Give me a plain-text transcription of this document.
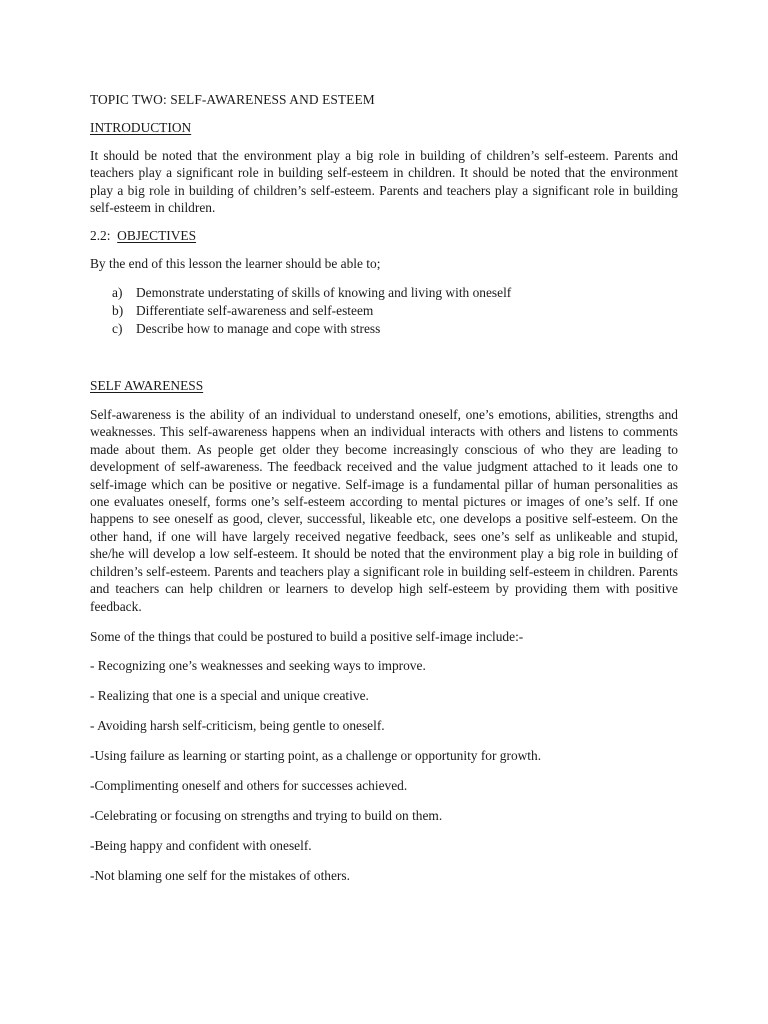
TOPIC TWO: SELF-AWARENESS AND ESTEEM

INTRODUCTION

It should be noted that the environment play a big role in building of children’s self-esteem. Parents and teachers play a significant role in building self-esteem in children. It should be noted that the environment play a big role in building of children’s self-esteem. Parents and teachers play a significant role in building self-esteem in children.

2.2: OBJECTIVES

By the end of this lesson the learner should be able to;

a)	Demonstrate understating of skills of knowing and living with oneself
b) Differentiate self-awareness and self-esteem
c)	Describe how to manage and cope with stress

SELF AWARENESS

Self-awareness is the ability of an individual to understand oneself, one’s emotions, abilities, strengths and weaknesses. This self-awareness happens when an individual interacts with others and listens to comments made about them. As people get older they become increasingly conscious of who they are leading to development of self-awareness. The feedback received and the value judgment attached to it leads one to self-image which can be positive or negative. Self-image is a fundamental pillar of human personalities as one evaluates oneself, forms one’s self-esteem according to mental pictures or images of one’s self. If one happens to see oneself as good, clever, successful, likeable etc, one develops a positive self-esteem. On the other hand, if one will have largely received negative feedback, sees one’s self as unlikeable and stupid, she/he will develop a low self-esteem. It should be noted that the environment play a big role in building of children’s self-esteem. Parents and teachers play a significant role in building self-esteem in children. Parents and teachers can help children or learners to develop high self-esteem by providing them with positive feedback.

Some of the things that could be postured to build a positive self-image include:-

- Recognizing one’s weaknesses and seeking ways to improve.
- Realizing that one is a special and unique creative.
- Avoiding harsh self-criticism, being gentle to oneself.
-Using failure as learning or starting point, as a challenge or opportunity for growth.
-Complimenting oneself and others for successes achieved.
-Celebrating or focusing on strengths and trying to build on them.
-Being happy and confident with oneself.
-Not blaming one self for the mistakes of others.
